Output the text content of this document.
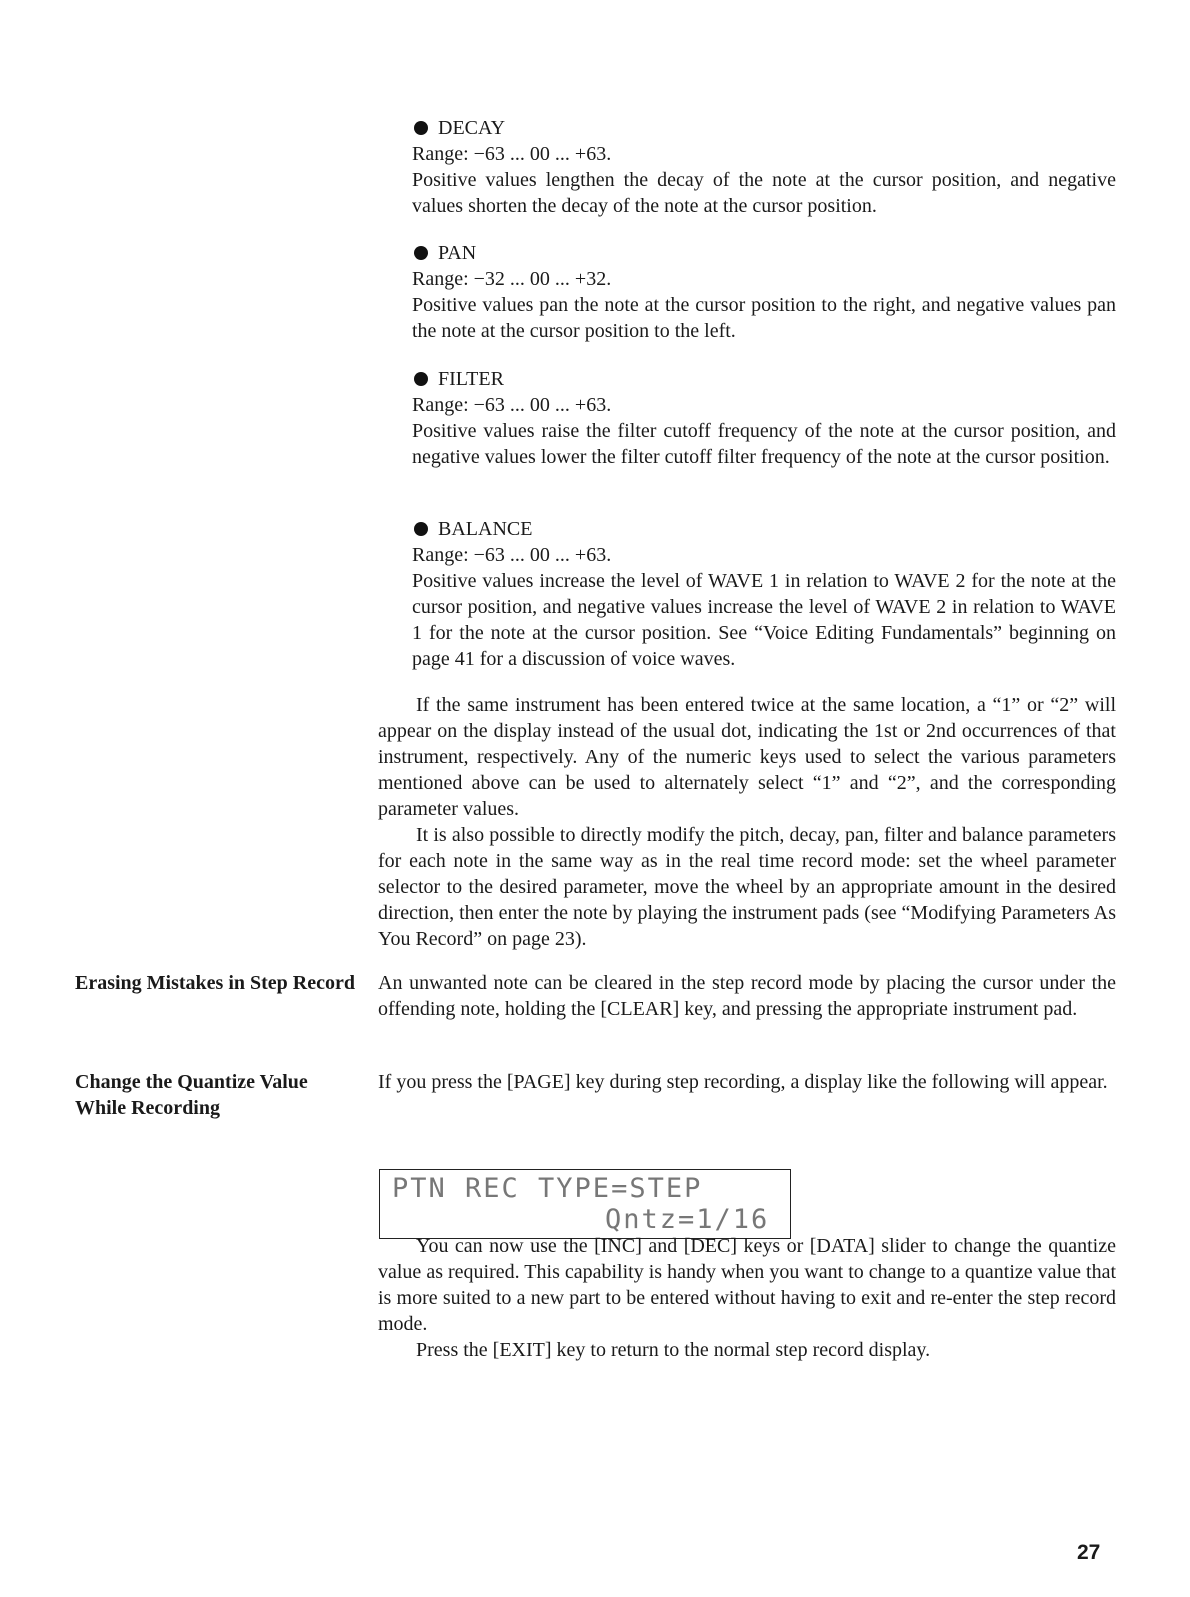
DECAY
Range: −63 ... 00 ... +63.
Positive values lengthen the decay of the note at the cursor position, and negative values shorten the decay of the note at the cursor position.
PAN
Range: −32 ... 00 ... +32.
Positive values pan the note at the cursor position to the right, and negative values pan the note at the cursor position to the left.
FILTER
Range: −63 ... 00 ... +63.
Positive values raise the filter cutoff frequency of the note at the cursor position, and negative values lower the filter cutoff filter frequency of the note at the cursor position.
BALANCE
Range: −63 ... 00 ... +63.
Positive values increase the level of WAVE 1 in relation to WAVE 2 for the note at the cursor position, and negative values increase the level of WAVE 2 in relation to WAVE 1 for the note at the cursor position. See “Voice Editing Fundamentals” beginning on page 41 for a discussion of voice waves.
If the same instrument has been entered twice at the same location, a “1” or “2” will appear on the display instead of the usual dot, indicating the 1st or 2nd occurrences of that instrument, respectively. Any of the numeric keys used to select the various parameters mentioned above can be used to alternately select “1” and “2”, and the corresponding parameter values.
It is also possible to directly modify the pitch, decay, pan, filter and balance parameters for each note in the same way as in the real time record mode: set the wheel parameter selector to the desired parameter, move the wheel by an appropriate amount in the desired direction, then enter the note by playing the instrument pads (see “Modifying Parameters As You Record” on page 23).
Erasing Mistakes in Step Record An unwanted note can be cleared in the step record mode by placing the cursor under the offending note, holding the [CLEAR] key, and pressing the appropriate instrument pad.
Change the Quantize Value While Recording
If you press the [PAGE] key during step recording, a display like the following will appear.
PTN REC TYPE=STEP
Qntz=1/16
You can now use the [INC] and [DEC] keys or [DATA] slider to change the quantize value as required. This capability is handy when you want to change to a quantize value that is more suited to a new part to be entered without having to exit and re-enter the step record mode.
Press the [EXIT] key to return to the normal step record display.
27
